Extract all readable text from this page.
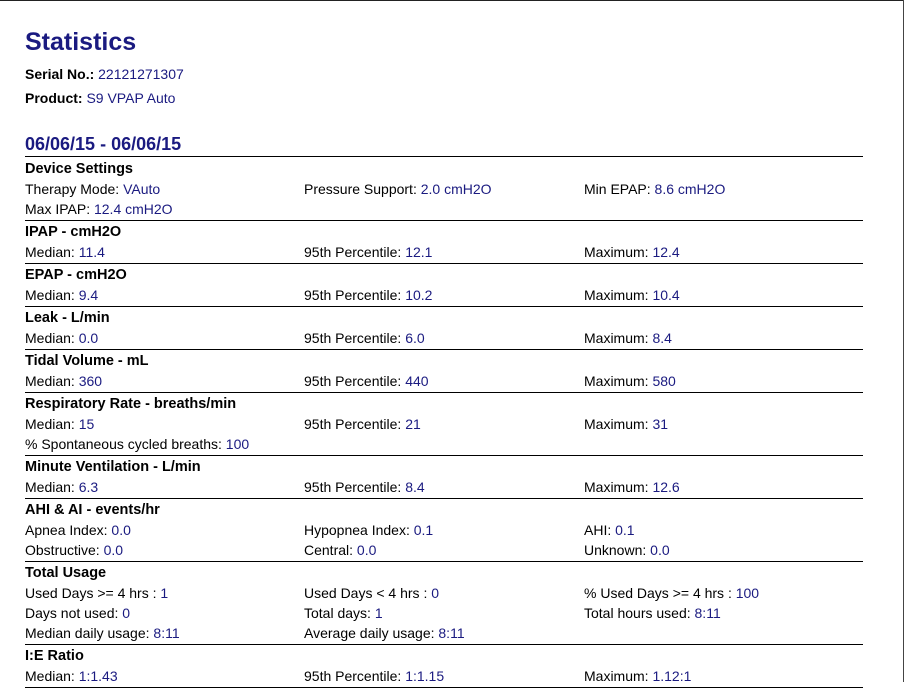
Statistics
Serial No.: 22121271307
Product: S9 VPAP Auto
06/06/15 - 06/06/15
Device Settings
Therapy Mode: VAuto	Pressure Support: 2.0 cmH2O	Min EPAP: 8.6 cmH2O
Max IPAP: 12.4 cmH2O
IPAP - cmH2O
Median: 11.4	95th Percentile: 12.1	Maximum: 12.4
EPAP - cmH2O
Median: 9.4	95th Percentile: 10.2	Maximum: 10.4
Leak - L/min
Median: 0.0	95th Percentile: 6.0	Maximum: 8.4
Tidal Volume - mL
Median: 360	95th Percentile: 440	Maximum: 580
Respiratory Rate - breaths/min
Median: 15	95th Percentile: 21	Maximum: 31
% Spontaneous cycled breaths: 100
Minute Ventilation - L/min
Median: 6.3	95th Percentile: 8.4	Maximum: 12.6
AHI & AI - events/hr
Apnea Index: 0.0	Hypopnea Index: 0.1	AHI: 0.1
Obstructive: 0.0	Central: 0.0	Unknown: 0.0
Total Usage
Used Days >= 4 hrs : 1	Used Days < 4 hrs : 0	% Used Days >= 4 hrs : 100
Days not used: 0	Total days: 1	Total hours used: 8:11
Median daily usage: 8:11	Average daily usage: 8:11
I:E Ratio
Median: 1:1.43	95th Percentile: 1:1.15	Maximum: 1.12:1
